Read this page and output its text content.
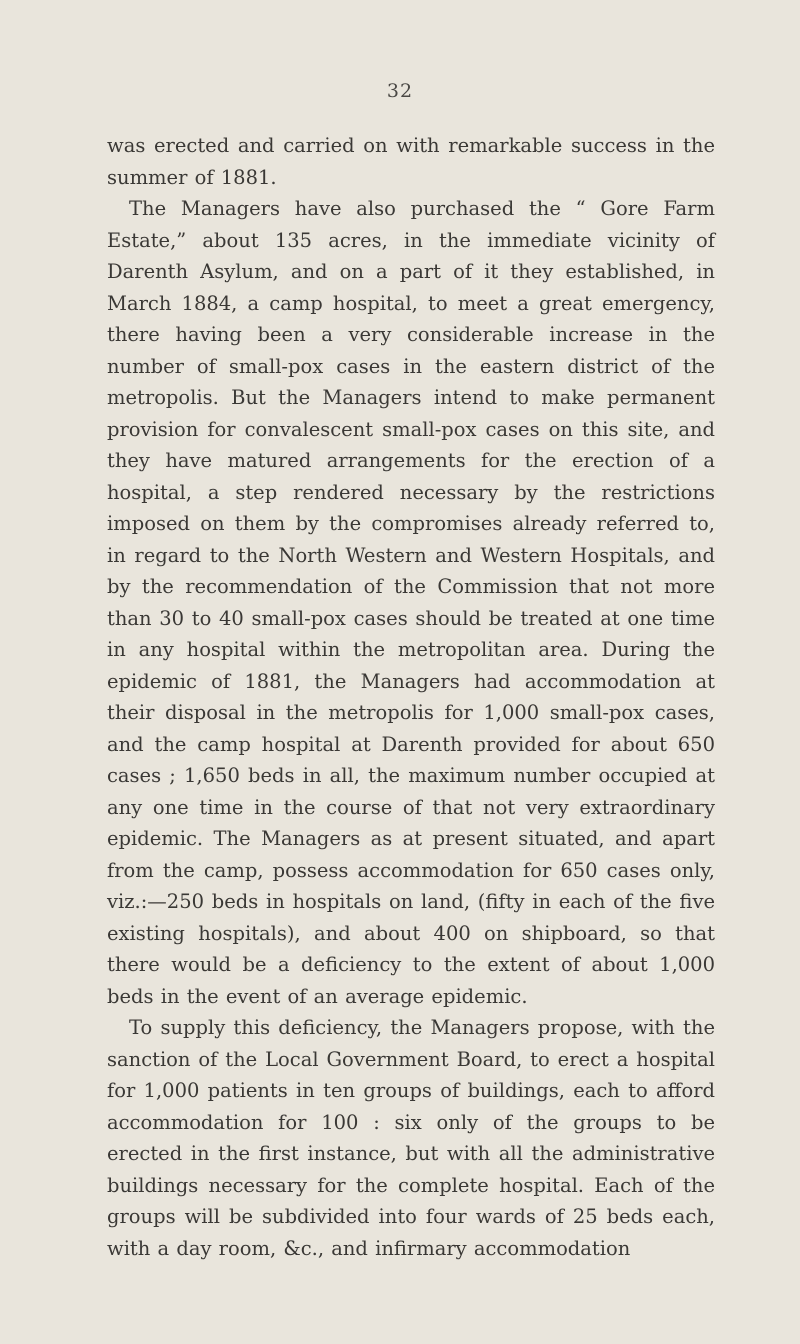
32

was erected and carried on with remarkable success in the summer of 1881.

The Managers have also purchased the “ Gore Farm Estate,” about 135 acres, in the immediate vicinity of Darenth Asylum, and on a part of it they established, in March 1884, a camp hospital, to meet a great emergency, there having been a very considerable increase in the number of small-pox cases in the eastern district of the metropolis. But the Managers intend to make permanent provision for convalescent small-pox cases on this site, and they have matured arrangements for the erection of a hospital, a step rendered necessary by the restrictions imposed on them by the compromises already referred to, in regard to the North Western and Western Hospitals, and by the recommendation of the Commission that not more than 30 to 40 small-pox cases should be treated at one time in any hospital within the metropolitan area. During the epidemic of 1881, the Managers had accommodation at their disposal in the metropolis for 1,000 small-pox cases, and the camp hospital at Darenth provided for about 650 cases ; 1,650 beds in all, the maximum number occupied at any one time in the course of that not very extraordinary epidemic. The Managers as at present situated, and apart from the camp, possess accommodation for 650 cases only, viz.:—250 beds in hospitals on land, (fifty in each of the five existing hospitals), and about 400 on shipboard, so that there would be a deficiency to the extent of about 1,000 beds in the event of an average epidemic.

To supply this deficiency, the Managers propose, with the sanction of the Local Government Board, to erect a hospital for 1,000 patients in ten groups of buildings, each to afford accommodation for 100 : six only of the groups to be erected in the first instance, but with all the administrative buildings necessary for the complete hospital. Each of the groups will be subdivided into four wards of 25 beds each, with a day room, &c., and infirmary accommodation
